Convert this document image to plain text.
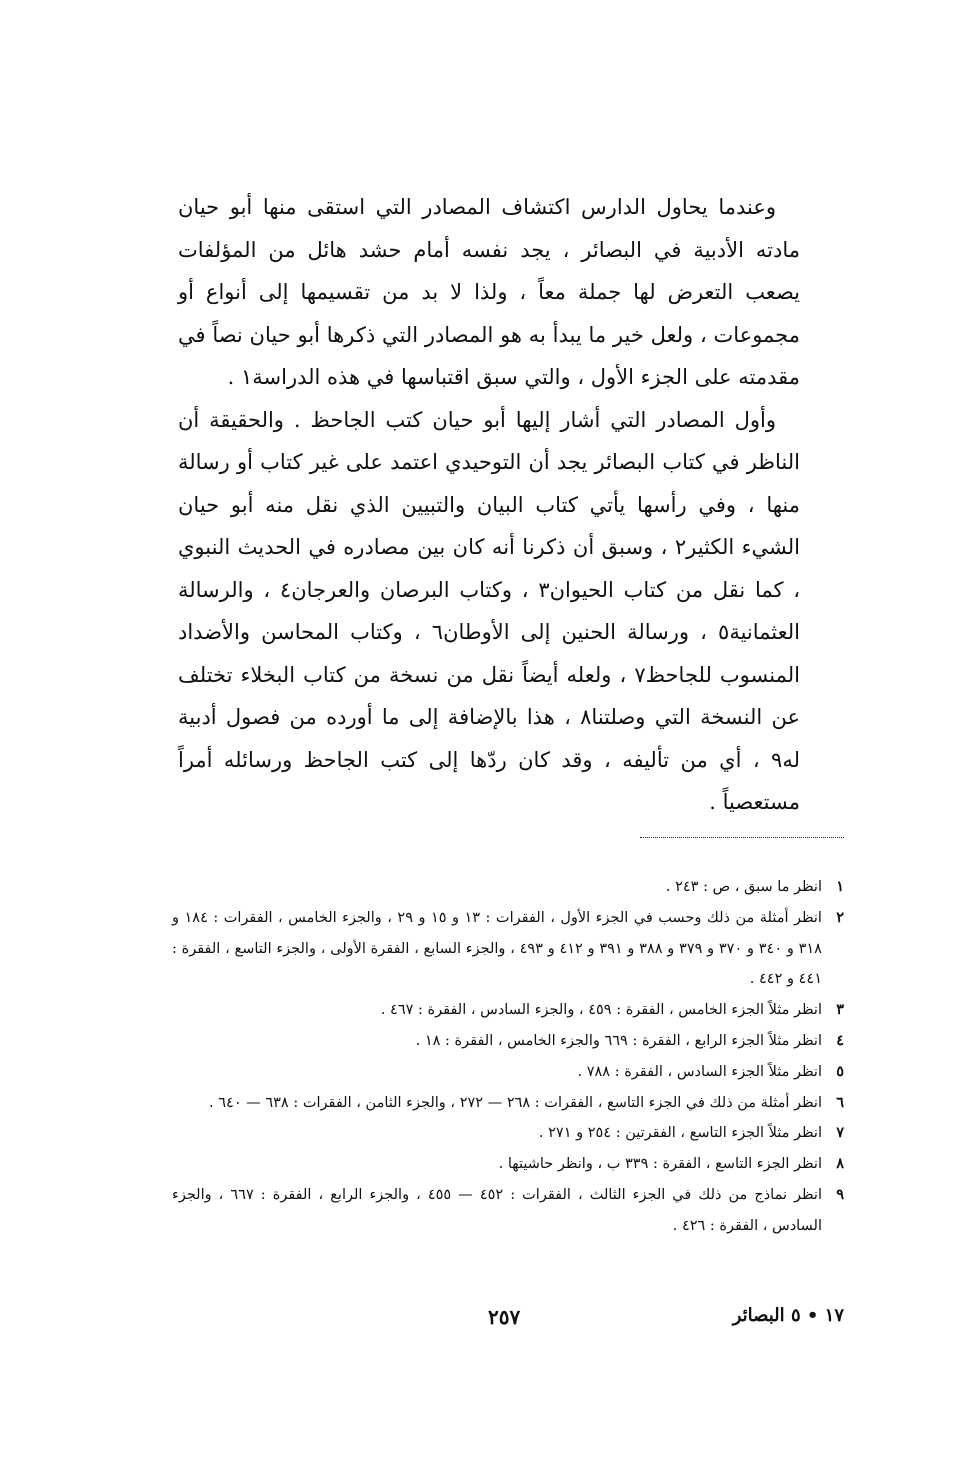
وعندما يحاول الدارس اكتشاف المصادر التي استقى منها أبو حيان مادته الأدبية في البصائر ، يجد نفسه أمام حشد هائل من المؤلفات يصعب التعرض لها جملة معاً ، ولذا لا بد من تقسيمها إلى أنواع أو مجموعات ، ولعل خير ما يبدأ به هو المصادر التي ذكرها أبو حيان نصاً في مقدمته على الجزء الأول ، والتي سبق اقتباسها في هذه الدراسة١ .

وأول المصادر التي أشار إليها أبو حيان كتب الجاحظ . والحقيقة أن الناظر في كتاب البصائر يجد أن التوحيدي اعتمد على غير كتاب أو رسالة منها ، وفي رأسها يأتي كتاب البيان والتبيين الذي نقل منه أبو حيان الشيء الكثير٢ ، وسبق أن ذكرنا أنه كان بين مصادره في الحديث النبوي ، كما نقل من كتاب الحيوان٣ ، وكتاب البرصان والعرجان٤ ، والرسالة العثمانية٥ ، ورسالة الحنين إلى الأوطان٦ ، وكتاب المحاسن والأضداد المنسوب للجاحظ٧ ، ولعله أيضاً نقل من نسخة من كتاب البخلاء تختلف عن النسخة التي وصلتنا٨ ، هذا بالإضافة إلى ما أورده من فصول أدبية له٩ ، أي من تأليفه ، وقد كان ردّها إلى كتب الجاحظ ورسائله أمراً مستعصياً .

١
انظر ما سبق ، ص : ٢٤٣ .
٢
انظر أمثلة من ذلك وحسب في الجزء الأول ، الفقرات : ١٣ و ١٥ و ٢٩ ، والجزء الخامس ، الفقرات : ١٨٤ و ٣١٨ و ٣٤٠ و ٣٧٠ و ٣٧٩ و ٣٨٨ و ٣٩١ و ٤١٢ و ٤٩٣ ، والجزء السابع ، الفقرة الأولى ، والجزء التاسع ، الفقرة : ٤٤١ و ٤٤٢ .
٣
انظر مثلاً الجزء الخامس ، الفقرة : ٤٥٩ ، والجزء السادس ، الفقرة : ٤٦٧ .
٤
انظر مثلاً الجزء الرابع ، الفقرة : ٦٦٩ والجزء الخامس ، الفقرة : ١٨ .
٥
انظر مثلاً الجزء السادس ، الفقرة : ٧٨٨ .
٦
انظر أمثلة من ذلك في الجزء التاسع ، الفقرات : ٢٦٨ — ٢٧٢ ، والجزء الثامن ، الفقرات : ٦٣٨ — ٦٤٠ .
٧
انظر مثلاً الجزء التاسع ، الفقرتين : ٢٥٤ و ٢٧١ .
٨
انظر الجزء التاسع ، الفقرة : ٣٣٩ ب ، وانظر حاشيتها .
٩
انظر نماذج من ذلك في الجزء الثالث ، الفقرات : ٤٥٢ — ٤٥٥ ، والجزء الرابع ، الفقرة : ٦٦٧ ، والجزء السادس ، الفقرة : ٤٢٦ .
٢٥٧	١٧ • ٥ البصائر
